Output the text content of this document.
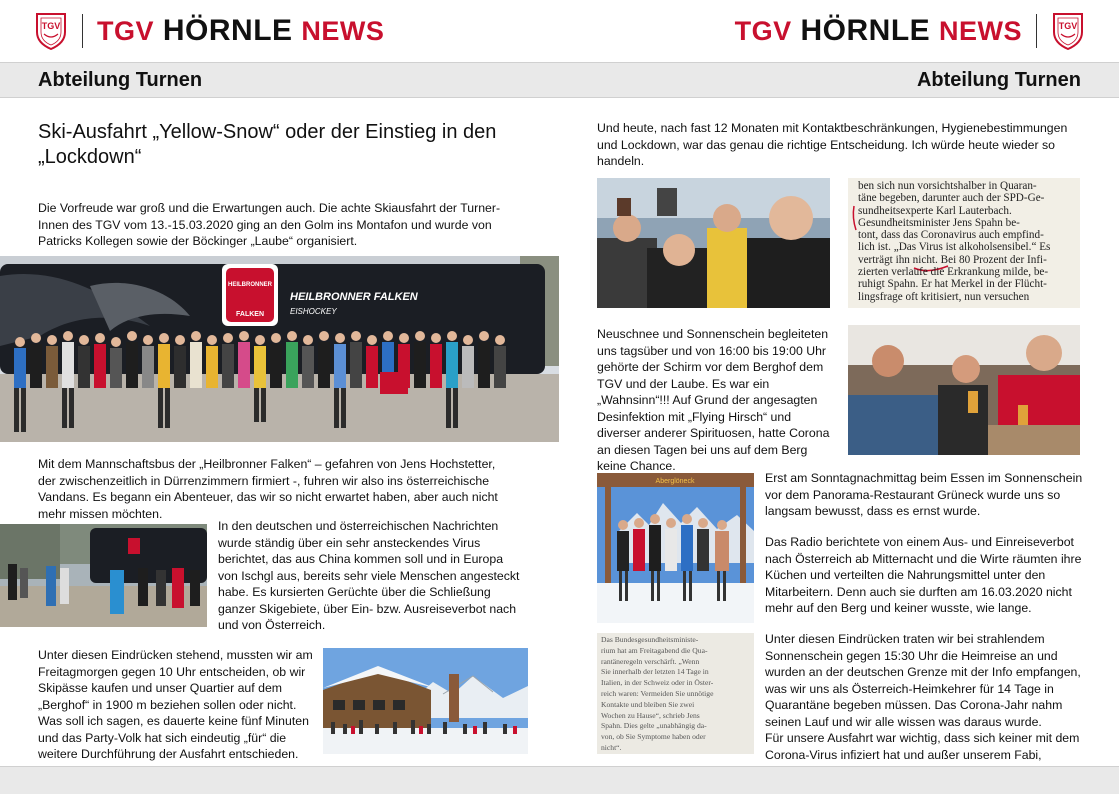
TGV TGV HÖRNLE NEWS	TGV HÖRNLE NEWS	TGV
Abteilung Turnen	Abteilung Turnen
Ski-Ausfahrt „Yellow-Snow“ oder der Einstieg in den „Lockdown“

Die Vorfreude war groß und die Erwartungen auch. Die achte Skiausfahrt der Turner-Innen des TGV vom 13.-15.03.2020 ging an den Golm ins Montafon und wurde von Patricks Kollegen sowie der Böckinger „Laube“ organisiert.

HEILBRONNER
FALKEN
HEILBRONNER FALKEN
EISHOCKEY

Mit dem Mannschaftsbus der „Heilbronner Falken“ – gefahren von Jens Hochstetter, der zwischenzeitlich in Dürrenzimmern firmiert -, fuhren wir also ins österreichische Vandans. Es begann ein Abenteuer, das wir so nicht erwartet haben, aber auch nicht mehr missen möchten.

In den deutschen und österreichischen Nachrichten wurde ständig über ein sehr ansteckendes Virus berichtet, das aus China kommen soll und in Europa von Ischgl aus, bereits sehr viele Menschen angesteckt habe. Es kursierten Gerüchte über die Schließung ganzer Skigebiete, über Ein- bzw. Ausreiseverbot nach und von Österreich.

Unter diesen Eindrücken stehend, mussten wir am Freitagmorgen gegen 10 Uhr entscheiden, ob wir Skipässe kaufen und unser Quartier auf dem „Berghof“ in 1900 m beziehen sollen oder nicht. Was soll ich sagen, es dauerte keine fünf Minuten und das Party-Volk hat sich eindeutig „für“ die weitere Durchführung der Ausfahrt entschieden.

Und heute, nach fast 12 Monaten mit Kontaktbeschränkungen, Hygienebestimmungen und Lockdown, war das genau die richtige Entscheidung. Ich würde heute wieder so handeln.

ben sich nun vorsichtshalber in Quaran-
täne begeben, darunter auch der SPD-Ge-
sundheitsexperte Karl Lauterbach.
Gesundheitsminister Jens Spahn be-
tont, dass das Coronavirus auch empfind-
lich ist. „Das Virus ist alkoholsensibel.“ Es
verträgt ihn nicht. Bei 80 Prozent der Infi-
zierten verlaufe die Erkrankung milde, be-
ruhigt Spahn. Er hat Merkel in der Flücht-
lingsfrage oft kritisiert, nun versuchen

Neuschnee und Sonnenschein begleiteten uns tagsüber und von 16:00 bis 19:00 Uhr gehörte der Schirm vor dem Berghof dem TGV und der Laube. Es war ein „Wahnsinn“!!! Auf Grund der angesagten Desinfektion mit „Flying Hirsch“ und diverser anderer Spirituosen, hatte Corona an diesen Tagen bei uns auf dem Berg keine Chance.

Aberglöneck	Erst am Sonntagnachmittag beim Essen im Sonnenschein vor dem Panorama-Restaurant Grüneck wurde uns so langsam bewusst, dass es ernst wurde.

Das Radio berichtete von einem Aus- und Einreiseverbot nach Österreich ab Mitternacht und die Wirte räumten ihre Küchen und verteilten die Nahrungsmittel unter den Mitarbeitern. Denn auch sie durften am 16.03.2020 nicht mehr auf den Berg und keiner wusste, wie lange.

Das Bundesgesundheitsministe-
rium hat am Freitagabend die Qua-
rantäneregeln verschärft. „Wenn
Sie innerhalb der letzten 14 Tage in
Italien, in der Schweiz oder in Öster-
reich waren: Vermeiden Sie unnötige
Kontakte und bleiben Sie zwei
Wochen zu Hause“, schrieb Jens
Spahn. Dies gelte „unabhängig da-
von, ob Sie Symptome haben oder
nicht“.

Unter diesen Eindrücken traten wir bei strahlendem Sonnenschein gegen 15:30 Uhr die Heimreise an und wurden an der deutschen Grenze mit der Info empfangen, was wir uns als Österreich-Heimkehrer für 14 Tage in Quarantäne begeben müssen. Das Corona-Jahr nahm seinen Lauf und wir alle wissen was daraus wurde.

Für unsere Ausfahrt war wichtig, dass sich keiner mit dem Corona-Virus infiziert hat und außer unserem Fabi,
